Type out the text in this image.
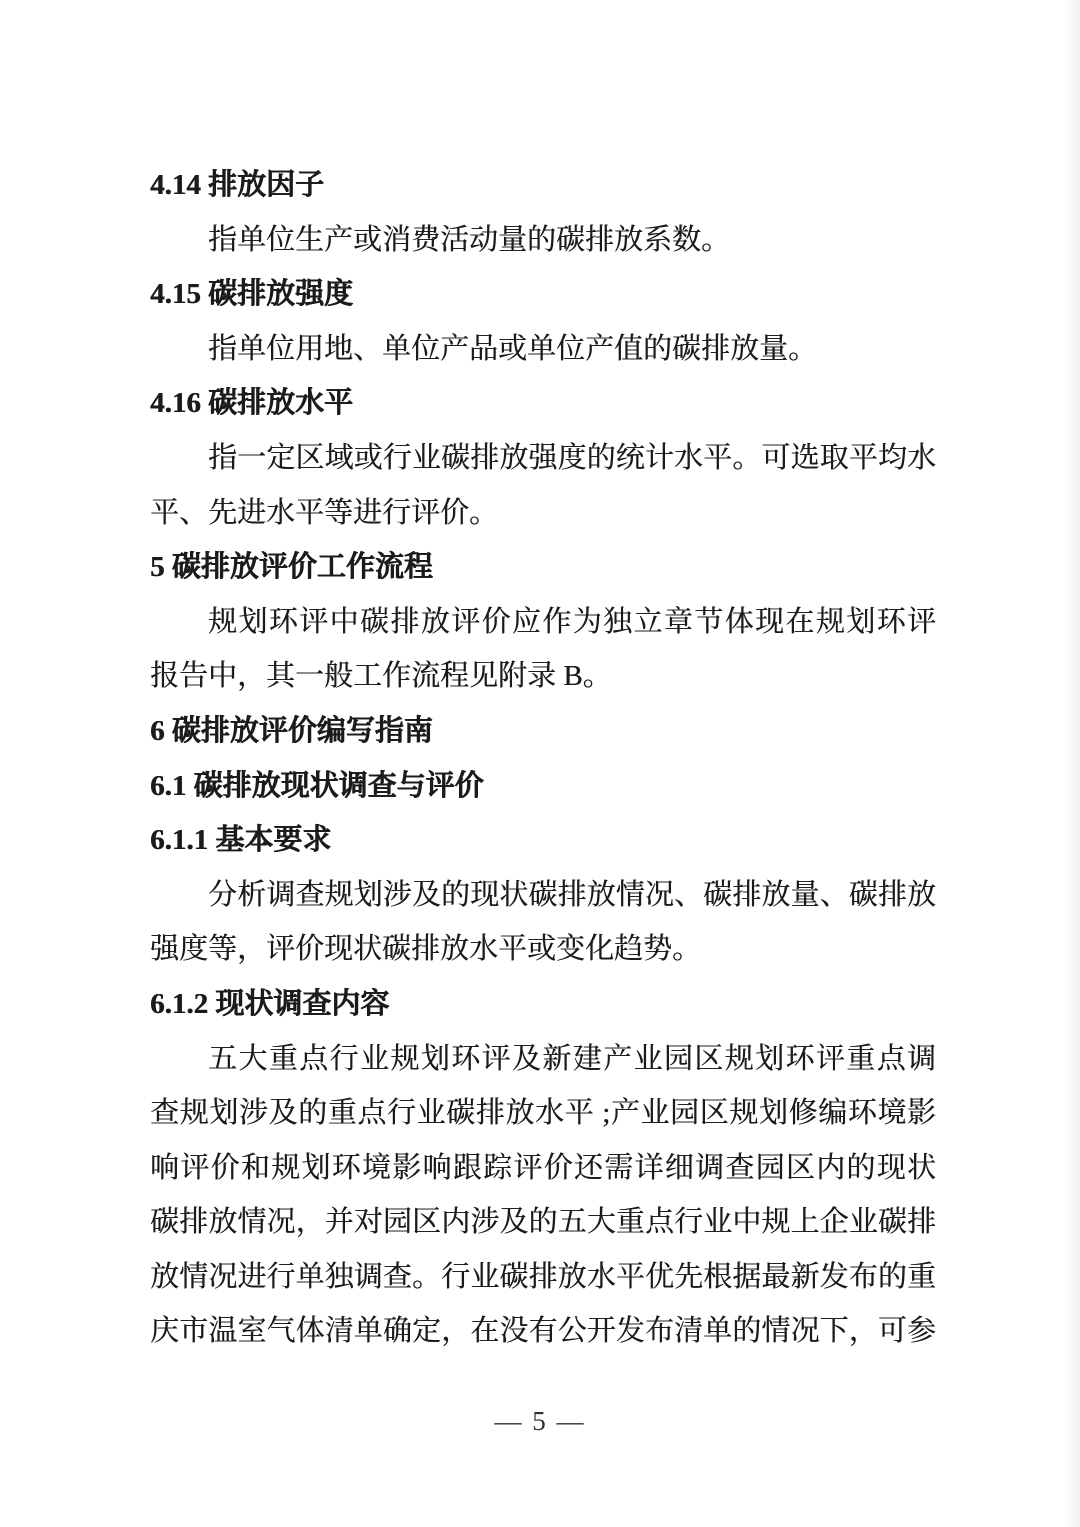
4.14 排放因子
指单位生产或消费活动量的碳排放系数。
4.15 碳排放强度
指单位用地、单位产品或单位产值的碳排放量。
4.16 碳排放水平
指一定区域或行业碳排放强度的统计水平。可选取平均水
平、先进水平等进行评价。
5 碳排放评价工作流程
规划环评中碳排放评价应作为独立章节体现在规划环评
报告中，其一般工作流程见附录 B。
6 碳排放评价编写指南
6.1 碳排放现状调查与评价
6.1.1 基本要求
分析调查规划涉及的现状碳排放情况、碳排放量、碳排放
强度等，评价现状碳排放水平或变化趋势。
6.1.2 现状调查内容
五大重点行业规划环评及新建产业园区规划环评重点调
查规划涉及的重点行业碳排放水平 ;产业园区规划修编环境影
响评价和规划环境影响跟踪评价还需详细调查园区内的现状
碳排放情况，并对园区内涉及的五大重点行业中规上企业碳排
放情况进行单独调查。行业碳排放水平优先根据最新发布的重
庆市温室气体清单确定，在没有公开发布清单的情况下，可参
— 5 —
